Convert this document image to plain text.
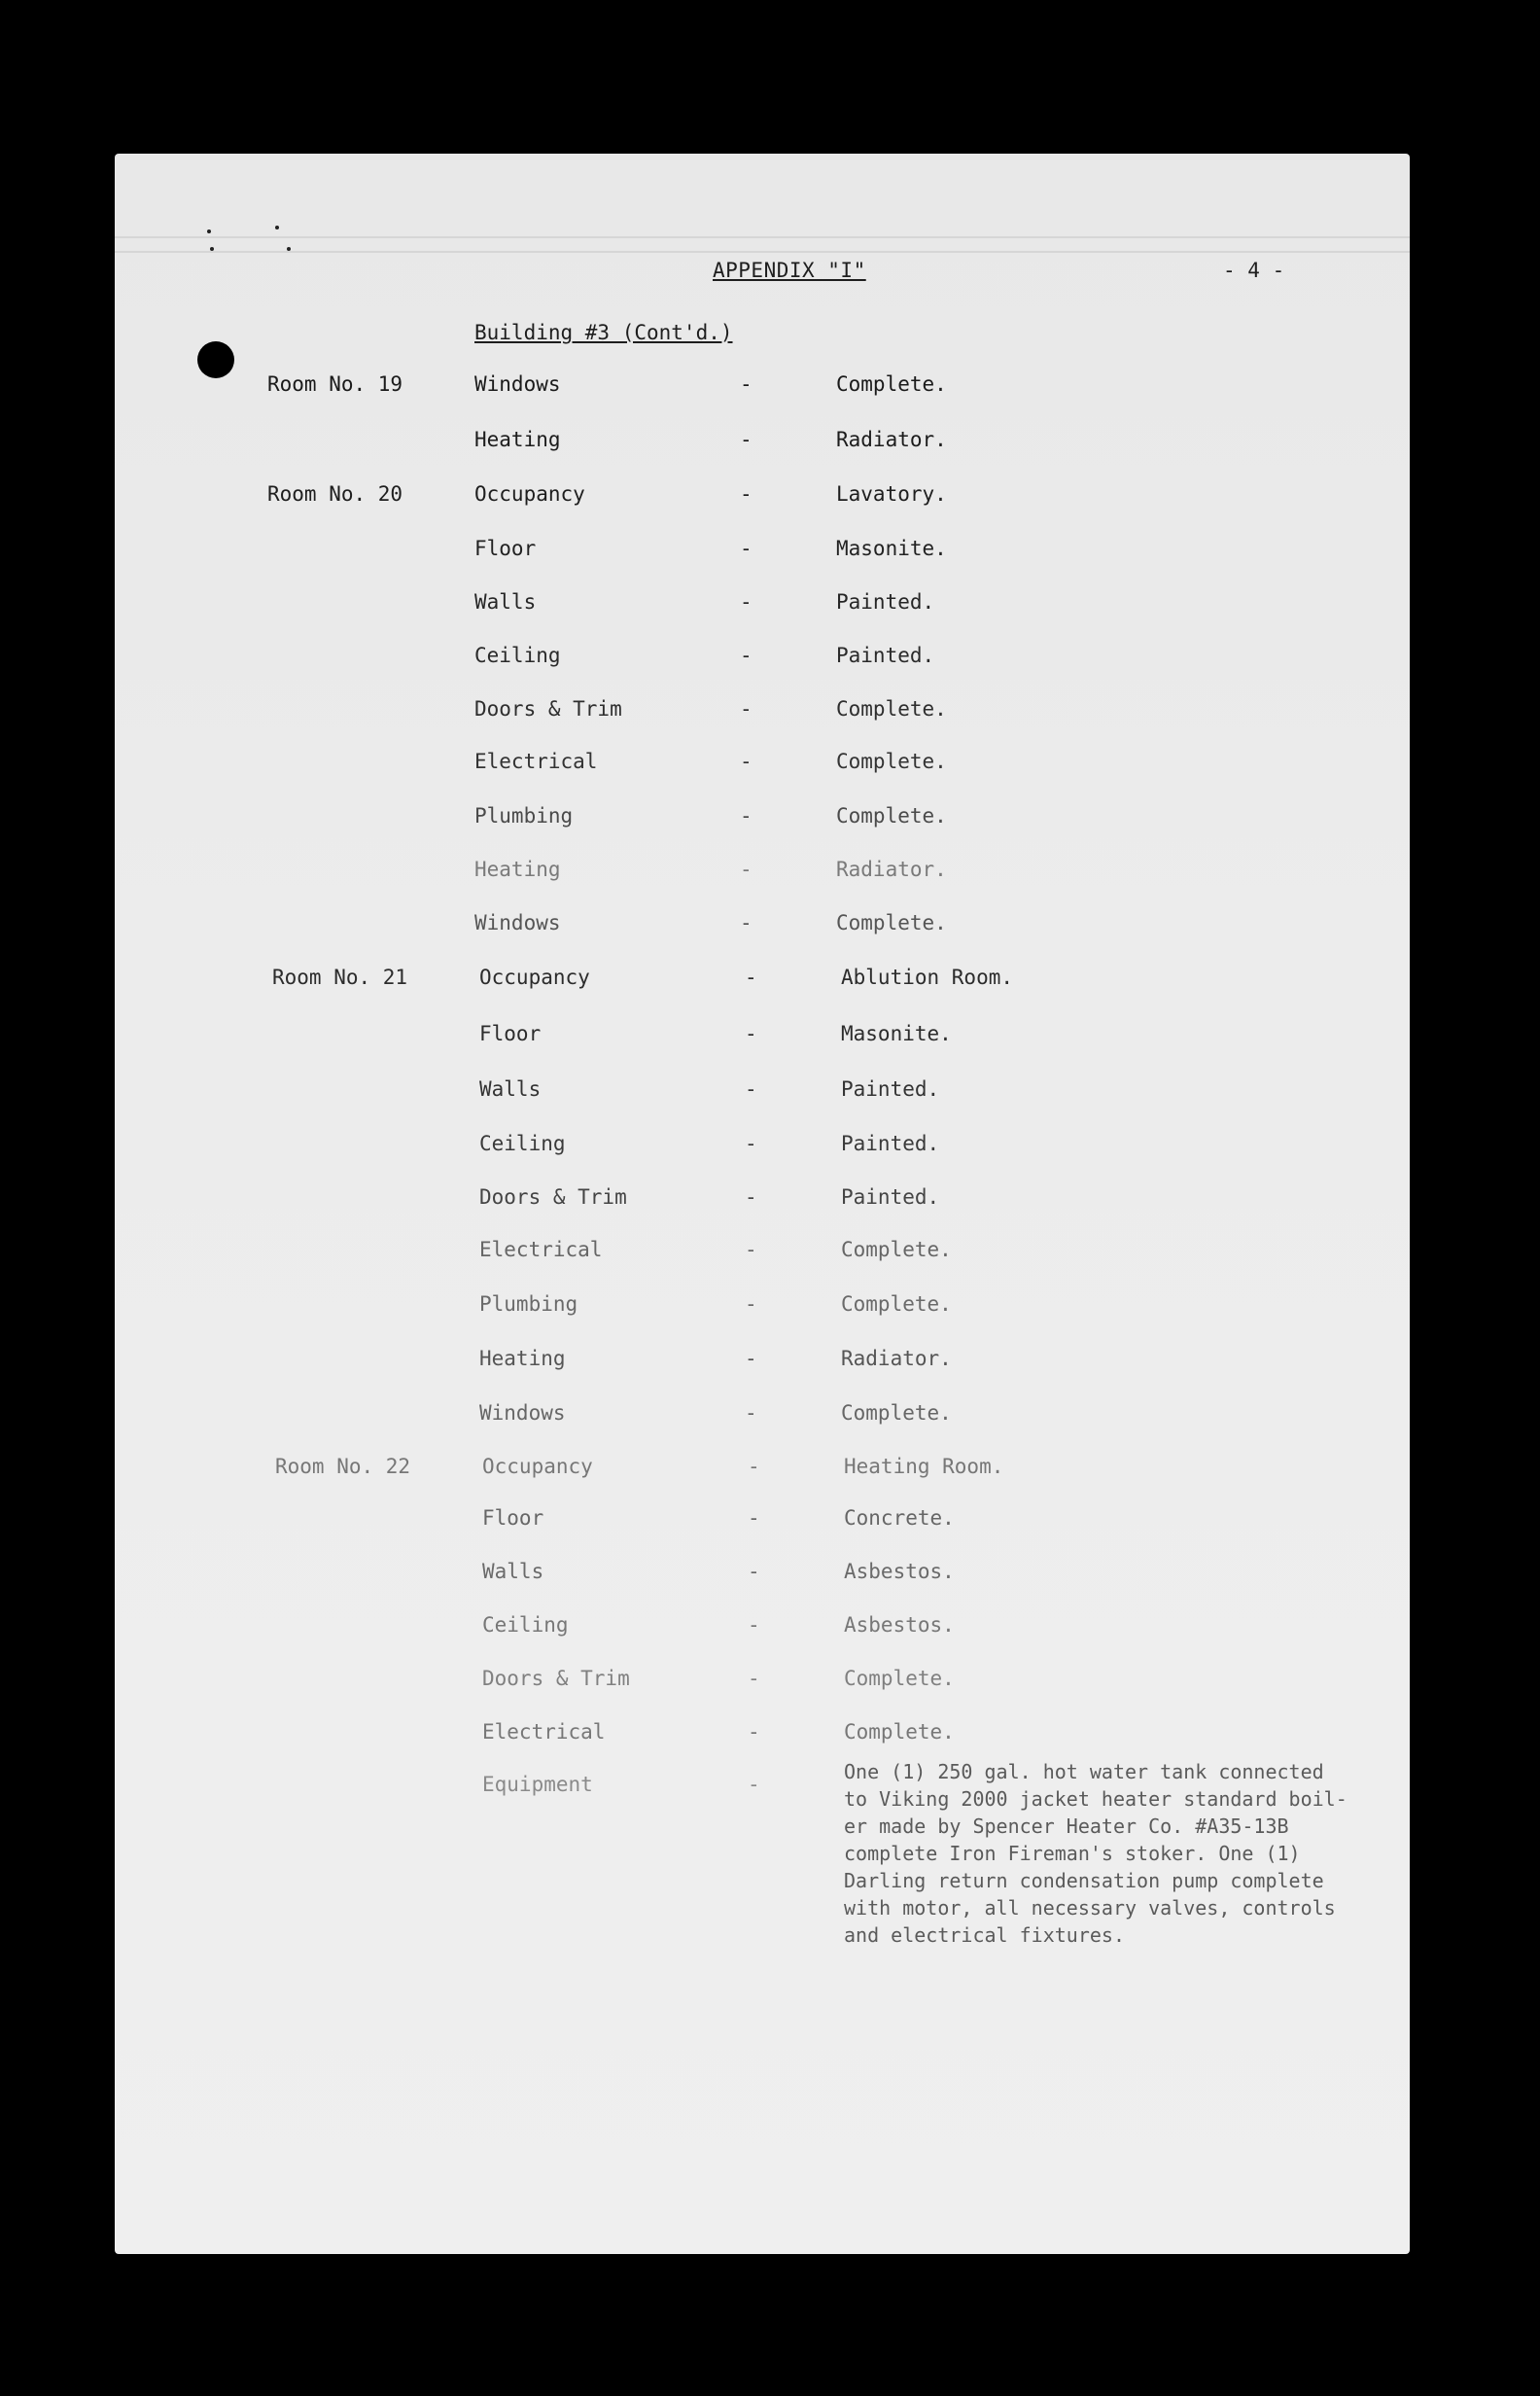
APPENDIX "I"	- 4 -
Building #3 (Cont'd.)
Room No. 19	Windows	-	Complete.
Heating	-	Radiator.
Room No. 20	Occupancy	-	Lavatory.
Floor	-	Masonite.
Walls	-	Painted.
Ceiling	-	Painted.
Doors & Trim	-	Complete.
Electrical	-	Complete.
Plumbing	-	Complete.
Heating	-	Radiator.
Windows	-	Complete.
Room No. 21	Occupancy	-	Ablution Room.
Floor	-	Masonite.
Walls	-	Painted.
Ceiling	-	Painted.
Doors & Trim	-	Painted.
Electrical	-	Complete.
Plumbing	-	Complete.
Heating	-	Radiator.
Windows	-	Complete.
Room No. 22	Occupancy	-	Heating Room.
Floor	-	Concrete.
Walls	-	Asbestos.
Ceiling	-	Asbestos.
Doors & Trim	-	Complete.
Electrical	-	Complete.
Equipment	-
One (1) 250 gal. hot water tank connected
to Viking 2000 jacket heater standard boil-
er made by Spencer Heater Co. #A35-13B
complete Iron Fireman's stoker. One (1)
Darling return condensation pump complete
with motor, all necessary valves, controls
and electrical fixtures.
